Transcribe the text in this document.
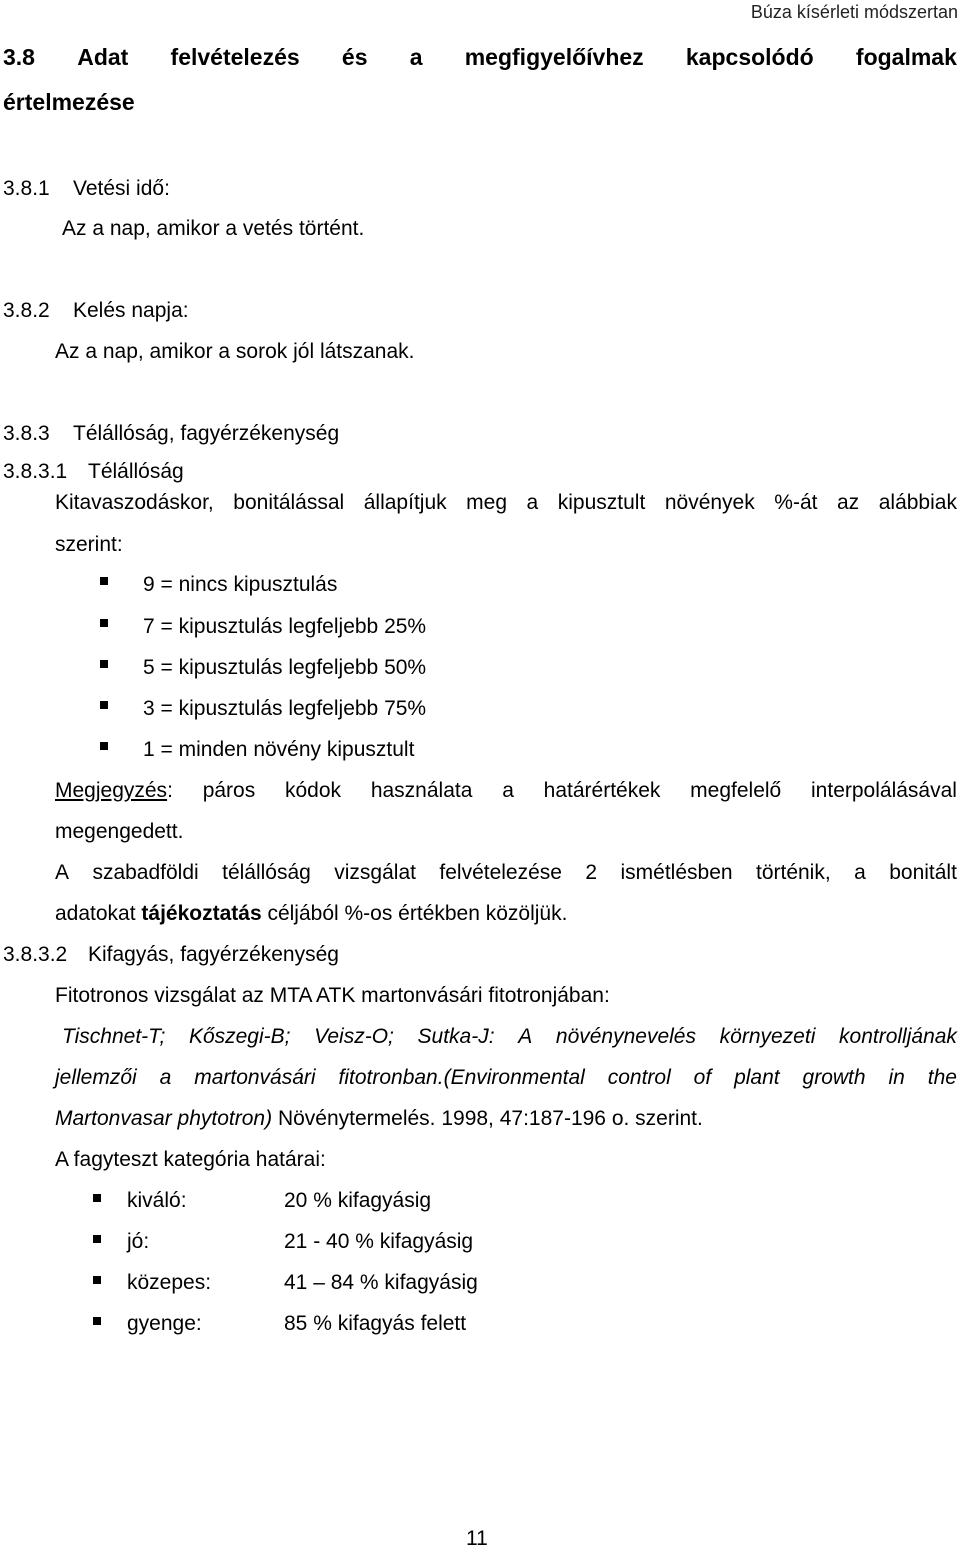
Búza kísérleti módszertan
3.8 Adat felvételezés és a megfigyelőívhez kapcsolódó fogalmak
értelmezése
3.8.1 Vetési idő:
Az a nap, amikor a vetés történt.
3.8.2 Kelés napja:
Az a nap, amikor a sorok jól látszanak.
3.8.3 Télállóság, fagyérzékenység
3.8.3.1 Télállóság
Kitavaszodáskor, bonitálással állapítjuk meg a kipusztult növények %-át az alábbiak
szerint:
9 = nincs kipusztulás
7 = kipusztulás legfeljebb 25%
5 = kipusztulás legfeljebb 50%
3 = kipusztulás legfeljebb 75%
1 = minden növény kipusztult
Megjegyzés: páros kódok használata a határértékek megfelelő interpolálásával
megengedett.
A szabadföldi télállóság vizsgálat felvételezése 2 ismétlésben történik, a bonitált
adatokat tájékoztatás céljából %-os értékben közöljük.
3.8.3.2 Kifagyás, fagyérzékenység
Fitotronos vizsgálat az MTA ATK martonvásári fitotronjában:
Tischnet-T; Kőszegi-B; Veisz-O; Sutka-J: A növénynevelés környezeti kontrolljának
jellemzői a martonvásári fitotronban.(Environmental control of plant growth in the
Martonvasar phytotron) Növénytermelés. 1998, 47:187-196 o. szerint.
A fagyteszt kategória határai:
kiváló:	20 % kifagyásig
jó:	21 - 40 % kifagyásig
közepes:	41 – 84 % kifagyásig
gyenge:	85 % kifagyás felett
11
